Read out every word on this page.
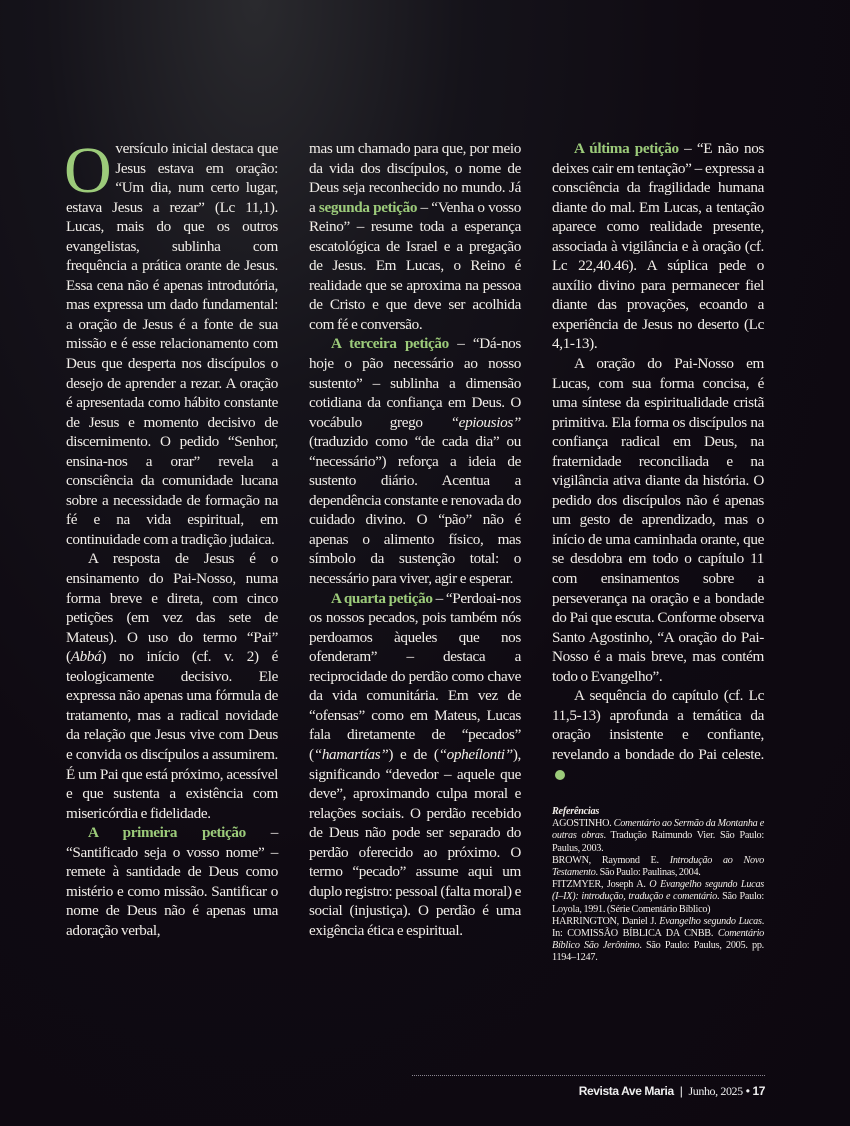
Oversículo inicial destaca que Jesus estava em oração: “Um dia, num certo lugar, estava Jesus a rezar” (Lc 11,1). Lucas, mais do que os outros evangelistas, sublinha com frequência a prática orante de Jesus. Essa cena não é apenas introdutória, mas expressa um dado fundamental: a oração de Jesus é a fonte de sua missão e é esse relacionamento com Deus que desperta nos discípulos o desejo de aprender a rezar. A oração é apresentada como hábito constante de Jesus e momento decisivo de discernimento. O pedido “Senhor, ensina-nos a orar” revela a consciência da comunidade lucana sobre a necessidade de formação na fé e na vida espiritual, em continuidade com a tradição judaica.

A resposta de Jesus é o ensinamento do Pai-Nosso, numa forma breve e direta, com cinco petições (em vez das sete de Mateus). O uso do termo “Pai” (Abbá) no início (cf. v. 2) é teologicamente decisivo. Ele expressa não apenas uma fórmula de tratamento, mas a radical novidade da relação que Jesus vive com Deus e convida os discípulos a assumirem. É um Pai que está próximo, acessível e que sustenta a existência com misericórdia e fidelidade.

A primeira petição – “Santificado seja o vosso nome” – remete à santidade de Deus como mistério e como missão. Santificar o nome de Deus não é apenas uma adoração verbal,

mas um chamado para que, por meio da vida dos discípulos, o nome de Deus seja reconhecido no mundo. Já a segunda petição – “Venha o vosso Reino” – resume toda a esperança escatológica de Israel e a pregação de Jesus. Em Lucas, o Reino é realidade que se aproxima na pessoa de Cristo e que deve ser acolhida com fé e conversão.

A terceira petição – “Dá-nos hoje o pão necessário ao nosso sustento” – sublinha a dimensão cotidiana da confiança em Deus. O vocábulo grego “epiousios” (traduzido como “de cada dia” ou “necessário”) reforça a ideia de sustento diário. Acentua a dependência constante e renovada do cuidado divino. O “pão” não é apenas o alimento físico, mas símbolo da sustenção total: o necessário para viver, agir e esperar.

A quarta petição – “Perdoai-nos os nossos pecados, pois também nós perdoamos àqueles que nos ofenderam” – destaca a reciprocidade do perdão como chave da vida comunitária. Em vez de “ofensas” como em Mateus, Lucas fala diretamente de “pecados” (“hamartías”) e de (“opheílonti”), significando “devedor – aquele que deve”, aproximando culpa moral e relações sociais. O perdão recebido de Deus não pode ser separado do perdão oferecido ao próximo. O termo “pecado” assume aqui um duplo registro: pessoal (falta moral) e social (injustiça). O perdão é uma exigência ética e espiritual.

A última petição – “E não nos deixes cair em tentação” – expressa a consciência da fragilidade humana diante do mal. Em Lucas, a tentação aparece como realidade presente, associada à vigilância e à oração (cf. Lc 22,40.46). A súplica pede o auxílio divino para permanecer fiel diante das provações, ecoando a experiência de Jesus no deserto (Lc 4,1-13).

A oração do Pai-Nosso em Lucas, com sua forma concisa, é uma síntese da espiritualidade cristã primitiva. Ela forma os discípulos na confiança radical em Deus, na fraternidade reconciliada e na vigilância ativa diante da história. O pedido dos discípulos não é apenas um gesto de aprendizado, mas o início de uma caminhada orante, que se desdobra em todo o capítulo 11 com ensinamentos sobre a perseverança na oração e a bondade do Pai que escuta. Conforme observa Santo Agostinho, “A oração do Pai-Nosso é a mais breve, mas contém todo o Evangelho”.

A sequência do capítulo (cf. Lc 11,5-13) aprofunda a temática da oração insistente e confiante, revelando a bondade do Pai celeste.

Referências
AGOSTINHO. Comentário ao Sermão da Montanha e outras obras. Tradução Raimundo Vier. São Paulo: Paulus, 2003.
BROWN, Raymond E. Introdução ao Novo Testamento. São Paulo: Paulinas, 2004.
FITZMYER, Joseph A. O Evangelho segundo Lucas (I–IX): introdução, tradução e comentário. São Paulo: Loyola, 1991. (Série Comentário Bíblico)
HARRINGTON, Daniel J. Evangelho segundo Lucas. In: COMISSÃO BÍBLICA DA CNBB. Comentário Bíblico São Jerônimo. São Paulo: Paulus, 2005. pp. 1194–1247.
Revista Ave Maria | Junho, 2025 • 17
